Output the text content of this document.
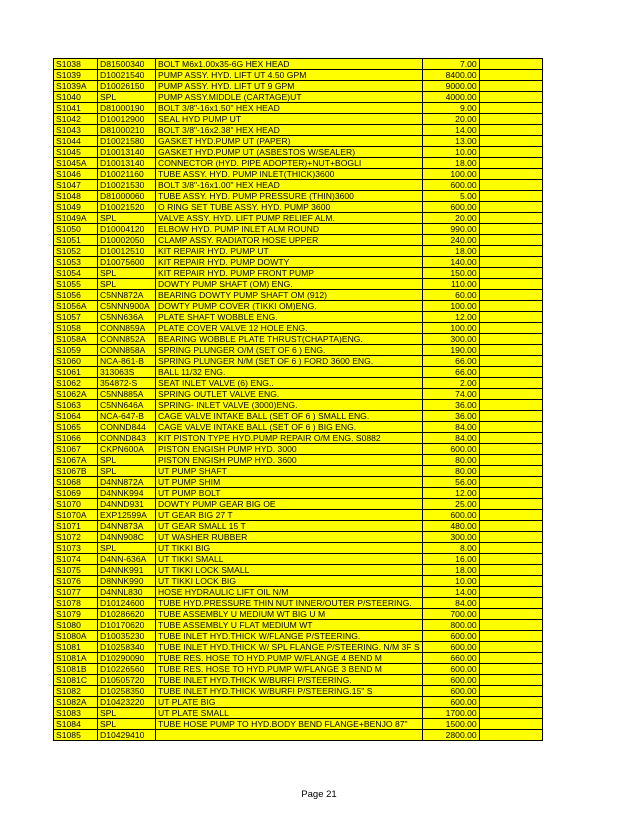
S1038	D81500340	BOLT M6x1.00x35-6G HEX HEAD	7.00	
S1039	D10021540	PUMP ASSY. HYD. LIFT UT 4.50 GPM	8400.00	
S1039A	D10026150	PUMP ASSY. HYD. LIFT UT 9 GPM	9000.00	
S1040	SPL	PUMP ASSY.MIDDLE (CARTAGE)UT	4000.00	
S1041	D81000190	BOLT 3/8"-16x1.50" HEX HEAD	9.00	
S1042	D10012900	SEAL HYD PUMP UT	20.00	
S1043	D81000210	BOLT 3/8"-16x2.38" HEX HEAD	14.00	
S1044	D10021580	GASKET HYD.PUMP UT (PAPER)	13.00	
S1045	D10013140	GASKET HYD.PUMP UT (ASBESTOS W/SEALER)	10.00	
S1045A	D10013140	CONNECTOR (HYD. PIPE ADOPTER)+NUT+BOGLI	18.00	
S1046	D10021160	TUBE ASSY. HYD. PUMP INLET(THICK)3600	100.00	
S1047	D10021530	BOLT 3/8"-16x1.00" HEX HEAD	600.00	
S1048	D81000060	TUBE ASSY. HYD. PUMP PRESSURE (THIN)3600	5.00	
S1049	D10021520	O RING SET TUBE ASSY. HYD. PUMP 3600	600.00	
S1049A	SPL	VALVE ASSY. HYD. LIFT PUMP RELIEF ALM.	20.00	
S1050	D10004120	ELBOW HYD. PUMP INLET ALM ROUND	990.00	
S1051	D10002050	CLAMP ASSY. RADIATOR HOSE UPPER	240.00	
S1052	D10012510	KIT REPAIR HYD. PUMP UT	18.00	
S1053	D10075600	KIT REPAIR HYD. PUMP DOWTY	140.00	
S1054	SPL	KIT REPAIR HYD. PUMP FRONT PUMP	150.00	
S1055	SPL	DOWTY PUMP SHAFT (OM) ENG.	110.00	
S1056	C5NN872A	BEARING DOWTY PUMP SHAFT OM (912)	60.00	
S1056A	C5NNN900A	DOWTY PUMP COVER (TIKKI OM)ENG.	100.00	
S1057	C5NN636A	PLATE SHAFT WOBBLE ENG.	12.00	
S1058	CONN859A	PLATE COVER VALVE 12 HOLE ENG.	100.00	
S1058A	CONN852A	BEARING WOBBLE PLATE THRUST(CHAPTA)ENG.	300.00	
S1059	CONN858A	SPRING PLUNGER O/M (SET OF 6 ) ENG.	190.00	
S1060	NCA-861-B	SPRING PLUNGER N/M (SET OF 6 ) FORD 3600 ENG.	66.00	
S1061	313063S	BALL 11/32 ENG.	66.00	
S1062	354872-S	SEAT INLET VALVE (6) ENG..	2.00	
S1062A	C5NN885A	SPRING OUTLET VALVE ENG.	74.00	
S1063	C5NN646A	SPRING- INLET VALVE (3000)ENG.	36.00	
S1064	NCA-647-B	CAGE VALVE INTAKE BALL (SET OF 6 ) SMALL ENG.	36.00	
S1065	CONND844	CAGE VALVE INTAKE BALL (SET OF 6 ) BIG ENG.	84.00	
S1066	CONND843	KIT PISTON TYPE HYD.PUMP REPAIR O/M ENG. S0882	84.00	
S1067	CKPN600A	PISTON ENGISH PUMP HYD. 3000	600.00	
S1067A	SPL	PISTON ENGISH PUMP HYD. 3600	80.00	
S1067B	SPL	UT PUMP SHAFT	80.00	
S1068	D4NN872A	UT PUMP SHIM	56.00	
S1069	D4NNK994	UT PUMP BOLT	12.00	
S1070	D4NND931	DOWTY PUMP GEAR BIG OE	25.00	
S1070A	EXP12599A	UT GEAR BIG 27 T	600.00	
S1071	D4NN873A	UT GEAR SMALL 15 T	480.00	
S1072	D4NN908C	UT WASHER RUBBER	300.00	
S1073	SPL	UT TIKKI BIG	8.00	
S1074	D4NN-636A	UT TIKKI SMALL	16.00	
S1075	D4NNK991	UT TIKKI LOCK SMALL	18.00	
S1076	D8NNK990	UT TIKKI LOCK BIG	10.00	
S1077	D4NNL830	HOSE HYDRAULIC LIFT OIL N/M	14.00	
S1078	D10124600	TUBE HYD.PRESSURE THIN NUT INNER/OUTER P/STEERING.	84.00	
S1079	D10286620	TUBE ASSEMBLY U MEDIUM WT BIG U M	700.00	
S1080	D10170620	TUBE ASSEMBLY U FLAT MEDIUM WT	800.00	
S1080A	D10035230	TUBE INLET HYD.THICK W/FLANGE P/STEERING.	600.00	
S1081	D10258340	TUBE INLET HYD.THICK W/ SPL FLANGE P/STEERING. N/M 3F S	600.00	
S1081A	D10290090	TUBE RES. HOSE TO HYD.PUMP W/FLANGE 4 BEND M	660.00	
S1081B	D10226560	TUBE RES. HOSE TO HYD.PUMP W/FLANGE 3 BEND M	600.00	
S1081C	D10505720	TUBE INLET HYD.THICK W/BURFI P/STEERING.	600.00	
S1082	D10258350	TUBE INLET HYD.THICK W/BURFI P/STEERING.15" S	600.00	
S1082A	D10423220	UT PLATE BIG	600.00	
S1083	SPL	UT PLATE SMALL	1700.00	
S1084	SPL	TUBE HOSE PUMP TO HYD.BODY BEND FLANGE+BENJO 87"	1500.00	
S1085	D10429410		2800.00	
Page 21
